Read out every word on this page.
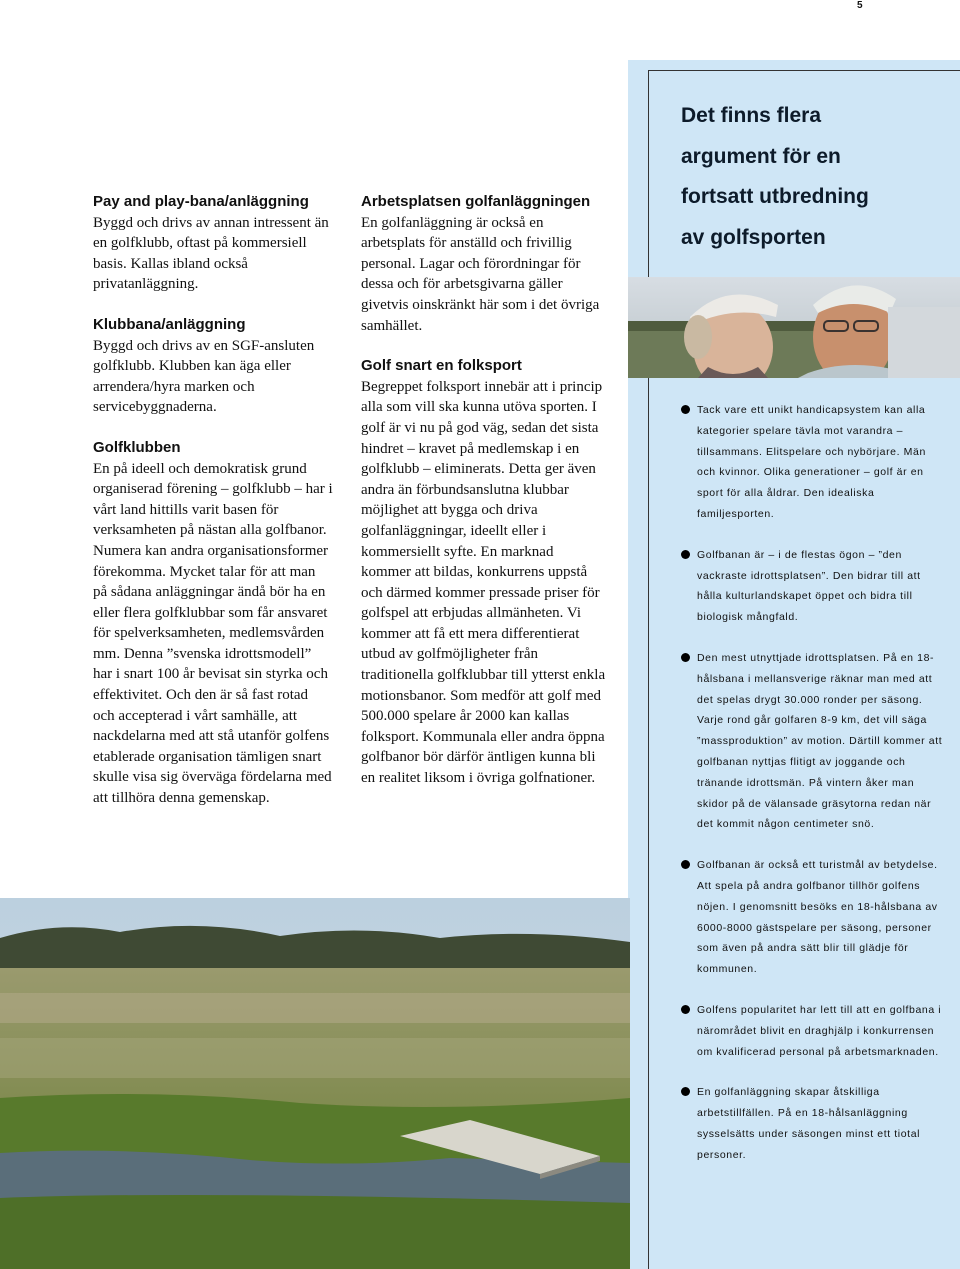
5
Pay and play-bana/anläggning

Byggd och drivs av annan intressent än en golfklubb, oftast på kommersiell basis. Kallas ibland också privatanläggning.

Klubbana/anläggning

Byggd och drivs av en SGF-ansluten golfklubb. Klubben kan äga eller arrendera/hyra marken och servicebyggnaderna.

Golfklubben

En på ideell och demokratisk grund organiserad förening – golfklubb – har i vårt land hittills varit basen för verksamheten på nästan alla golfbanor. Numera kan andra organisationsformer förekomma. Mycket talar för att man på sådana anläggningar ändå bör ha en eller flera golfklubbar som får ansvaret för spelverksamheten, medlemsvården mm. Denna ”svenska idrottsmodell” har i snart 100 år bevisat sin styrka och effektivitet. Och den är så fast rotad och accepterad i vårt samhälle, att nackdelarna med att stå utanför golfens etablerade organisation tämligen snart skulle visa sig överväga fördelarna med att tillhöra denna gemenskap.

Arbetsplatsen golfanläggningen

En golfanläggning är också en arbetsplats för anställd och frivillig personal. Lagar och förordningar för dessa och för arbetsgivarna gäller givetvis oinskränkt här som i det övriga samhället.

Golf snart en folksport

Begreppet folksport innebär att i princip alla som vill ska kunna utöva sporten. I golf är vi nu på god väg, sedan det sista hindret – kravet på medlemskap i en golfklubb – eliminerats. Detta ger även andra än förbundsanslutna klubbar möjlighet att bygga och driva golfanläggningar, ideellt eller i kommersiellt syfte. En marknad kommer att bildas, konkurrens uppstå och därmed kommer pressade priser för golfspel att erbjudas allmänheten. Vi kommer att få ett mera differentierat utbud av golfmöjligheter från traditionella golfklubbar till ytterst enkla motionsbanor. Som medför att golf med 500.000 spelare år 2000 kan kallas folksport. Kommunala eller andra öppna golfbanor bör därför äntligen kunna bli en realitet liksom i övriga golfnationer.

Det finns flera
argument för en
fortsatt utbredning
av golfsporten
Tack vare ett unikt handicapsystem kan alla kategorier spelare tävla mot varandra – tillsammans. Elitspelare och nybörjare. Män och kvinnor. Olika generationer – golf är en sport för alla åldrar. Den idealiska familjesporten.
Golfbanan är – i de flestas ögon – ”den vackraste idrottsplatsen”. Den bidrar till att hålla kulturlandskapet öppet och bidra till biologisk mångfald.
Den mest utnyttjade idrottsplatsen. På en 18-hålsbana i mellansverige räknar man med att det spelas drygt 30.000 ronder per säsong. Varje rond går golfaren 8-9 km, det vill säga ”massproduktion” av motion. Därtill kommer att golfbanan nyttjas flitigt av joggande och tränande idrottsmän. På vintern åker man skidor på de välansade gräsytorna redan när det kommit någon centimeter snö.
Golfbanan är också ett turistmål av betydelse. Att spela på andra golfbanor tillhör golfens nöjen. I genomsnitt besöks en 18-hålsbana av 6000-8000 gästspelare per säsong, personer som även på andra sätt blir till glädje för kommunen.
Golfens popularitet har lett till att en golfbana i närområdet blivit en draghjälp i konkurrensen om kvalificerad personal på arbetsmarknaden.
En golfanläggning skapar åtskilliga arbetstillfällen. På en 18-hålsanläggning sysselsätts under säsongen minst ett tiotal personer.
